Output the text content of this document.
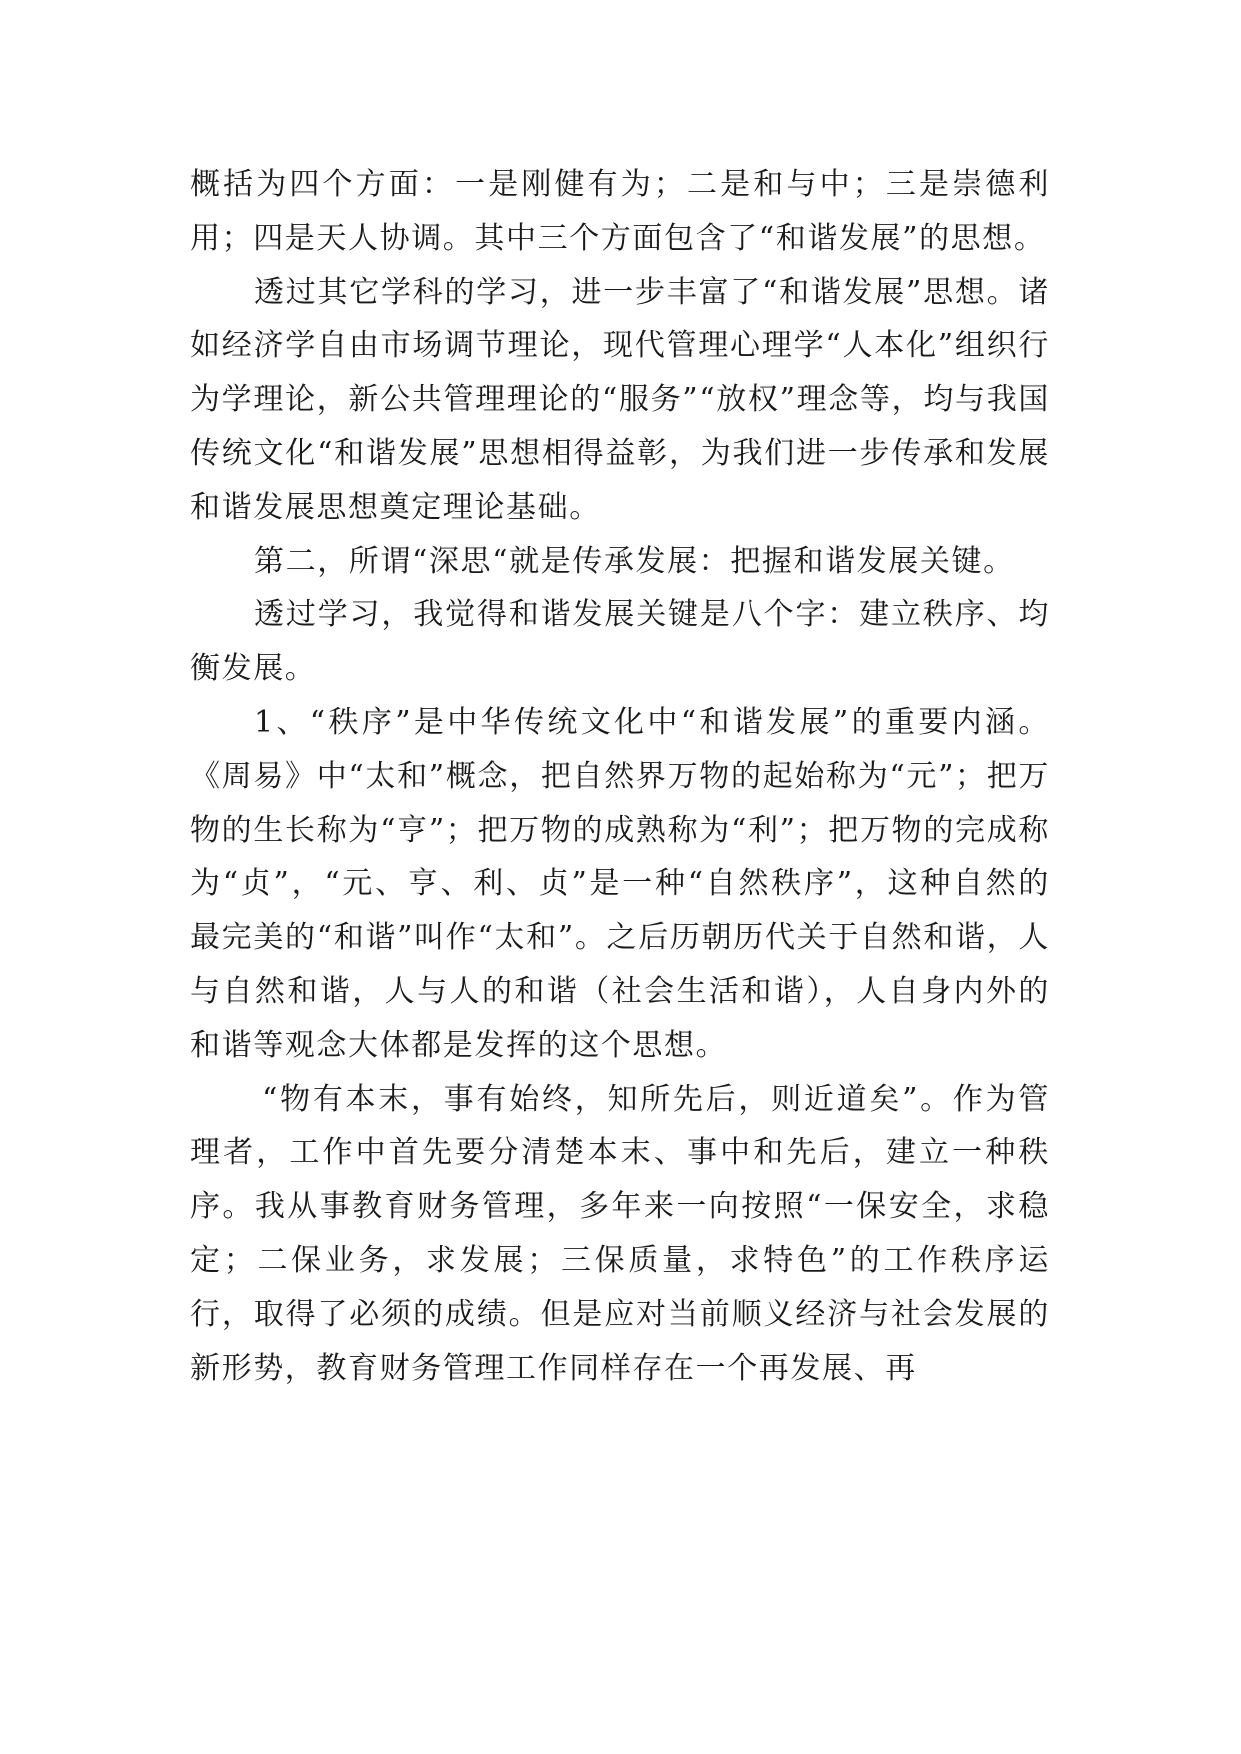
概括为四个方面：一是刚健有为；二是和与中；三是崇德利用；四是天人协调。其中三个方面包含了“和谐发展”的思想。

透过其它学科的学习，进一步丰富了“和谐发展”思想。诸如经济学自由市场调节理论，现代管理心理学“人本化”组织行为学理论，新公共管理理论的“服务”“放权”理念等，均与我国传统文化“和谐发展”思想相得益彰，为我们进一步传承和发展和谐发展思想奠定理论基础。

第二，所谓“深思“就是传承发展：把握和谐发展关键。

透过学习，我觉得和谐发展关键是八个字：建立秩序、均衡发展。

1、“秩序”是中华传统文化中“和谐发展”的重要内涵。《周易》中“太和”概念，把自然界万物的起始称为“元”；把万物的生长称为“亨”；把万物的成熟称为“利”；把万物的完成称为“贞”，“元、亨、利、贞”是一种“自然秩序”，这种自然的最完美的“和谐”叫作“太和”。之后历朝历代关于自然和谐，人与自然和谐，人与人的和谐（社会生活和谐），人自身内外的和谐等观念大体都是发挥的这个思想。

“物有本末，事有始终，知所先后，则近道矣”。作为管理者，工作中首先要分清楚本末、事中和先后，建立一种秩序。我从事教育财务管理，多年来一向按照“一保安全，求稳定；二保业务，求发展；三保质量，求特色”的工作秩序运行，取得了必须的成绩。但是应对当前顺义经济与社会发展的新形势，教育财务管理工作同样存在一个再发展、再
